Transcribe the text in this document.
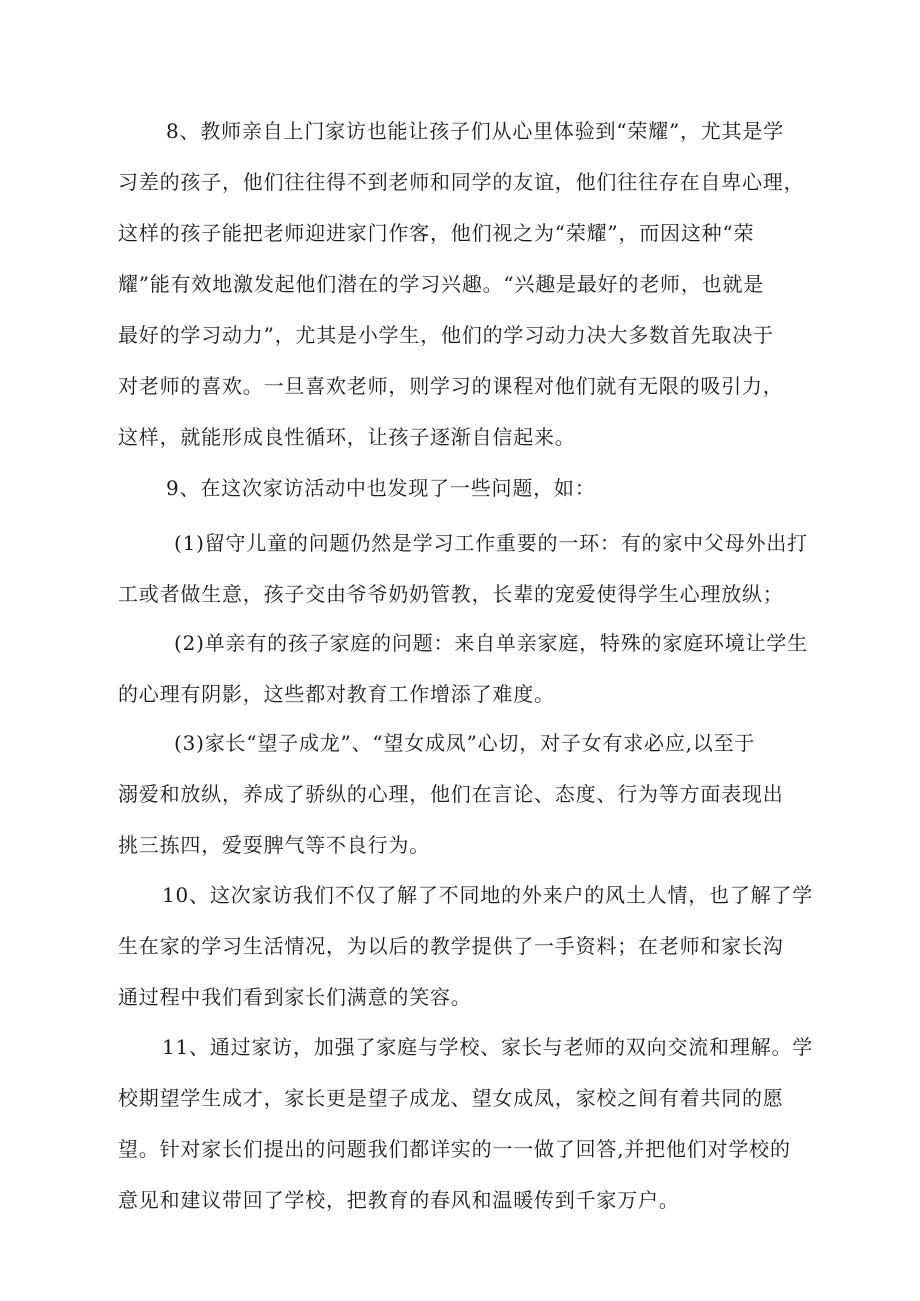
8、教师亲自上门家访也能让孩子们从心里体验到“荣耀”，尤其是学
习差的孩子，他们往往得不到老师和同学的友谊，他们往往存在自卑心理，
这样的孩子能把老师迎进家门作客，他们视之为“荣耀”，而因这种“荣
耀”能有效地激发起他们潜在的学习兴趣。“兴趣是最好的老师，也就是
最好的学习动力”，尤其是小学生，他们的学习动力决大多数首先取决于
对老师的喜欢。一旦喜欢老师，则学习的课程对他们就有无限的吸引力，
这样，就能形成良性循环，让孩子逐渐自信起来。
9、在这次家访活动中也发现了一些问题，如：
(1)留守儿童的问题仍然是学习工作重要的一环：有的家中父母外出打
工或者做生意，孩子交由爷爷奶奶管教，长辈的宠爱使得学生心理放纵；
(2)单亲有的孩子家庭的问题：来自单亲家庭，特殊的家庭环境让学生
的心理有阴影，这些都对教育工作增添了难度。
(3)家长“望子成龙”、“望女成凤”心切，对子女有求必应,以至于
溺爱和放纵，养成了骄纵的心理，他们在言论、态度、行为等方面表现出
挑三拣四，爱耍脾气等不良行为。
10、这次家访我们不仅了解了不同地的外来户的风土人情，也了解了学
生在家的学习生活情况，为以后的教学提供了一手资料；在老师和家长沟
通过程中我们看到家长们满意的笑容。
11、通过家访，加强了家庭与学校、家长与老师的双向交流和理解。学
校期望学生成才，家长更是望子成龙、望女成凤，家校之间有着共同的愿
望。针对家长们提出的问题我们都详实的一一做了回答,并把他们对学校的
意见和建议带回了学校，把教育的春风和温暖传到千家万户。
